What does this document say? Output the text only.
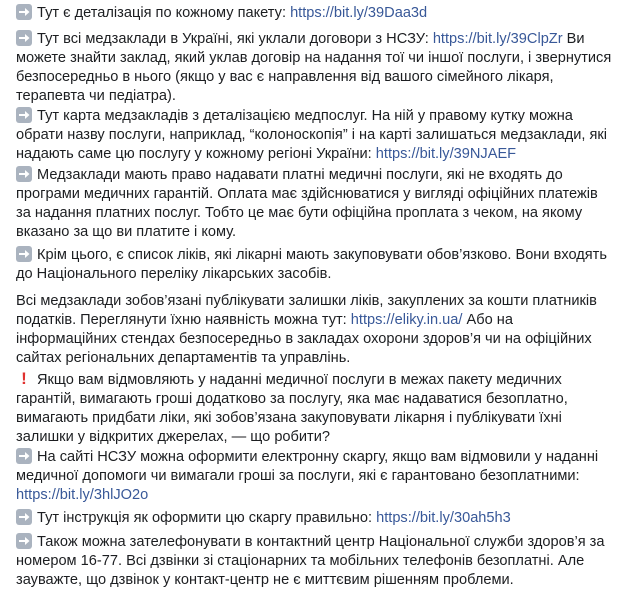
Тут є деталізація по кожному пакету: https://bit.ly/39Daa3d
Тут всі медзаклади в Україні, які уклали договори з НСЗУ: https://bit.ly/39ClpZr Ви можете знайти заклад, який уклав договір на надання тої чи іншої послуги, і звернутися безпосередньо в нього (якщо у вас є направлення від вашого сімейного лікаря, терапевта чи педіатра).
Тут карта медзакладів з деталізацією медпослуг. На ній у правому кутку можна обрати назву послуги, наприклад, “колоноскопія” і на карті залишаться медзаклади, які надають саме цю послугу у кожному регіоні України: https://bit.ly/39NJAEF
Медзаклади мають право надавати платні медичні послуги, які не входять до програми медичних гарантій. Оплата має здійснюватися у вигляді офіційних платежів за надання платних послуг. Тобто це має бути офіційна проплата з чеком, на якому вказано за що ви платите і кому.
Крім цього, є список ліків, які лікарні мають закуповувати обов’язково. Вони входять до Національного переліку лікарських засобів.
Всі медзаклади зобов’язані публікувати залишки ліків, закуплених за кошти платників податків. Переглянути їхню наявність можна тут: https://eliky.in.ua/ Або на інформаційних стендах безпосередньо в закладах охорони здоров’я чи на офіційних сайтах регіональних департаментів та управлінь.
! Якщо вам відмовляють у наданні медичної послуги в межах пакету медичних гарантій, вимагають гроші додатково за послугу, яка має надаватися безоплатно, вимагають придбати ліки, які зобов’язана закуповувати лікарня і публікувати їхні залишки у відкритих джерелах, — що робити?
На сайті НСЗУ можна оформити електронну скаргу, якщо вам відмовили у наданні медичної допомоги чи вимагали гроші за послуги, які є гарантовано безоплатними: https://bit.ly/3hlJO2o
Тут інструкція як оформити цю скаргу правильно: https://bit.ly/30ah5h3
Також можна зателефонувати в контактний центр Національної служби здоров’я за номером 16-77. Всі дзвінки зі стаціонарних та мобільних телефонів безоплатні. Але зауважте, що дзвінок у контакт-центр не є миттєвим рішенням проблеми.
